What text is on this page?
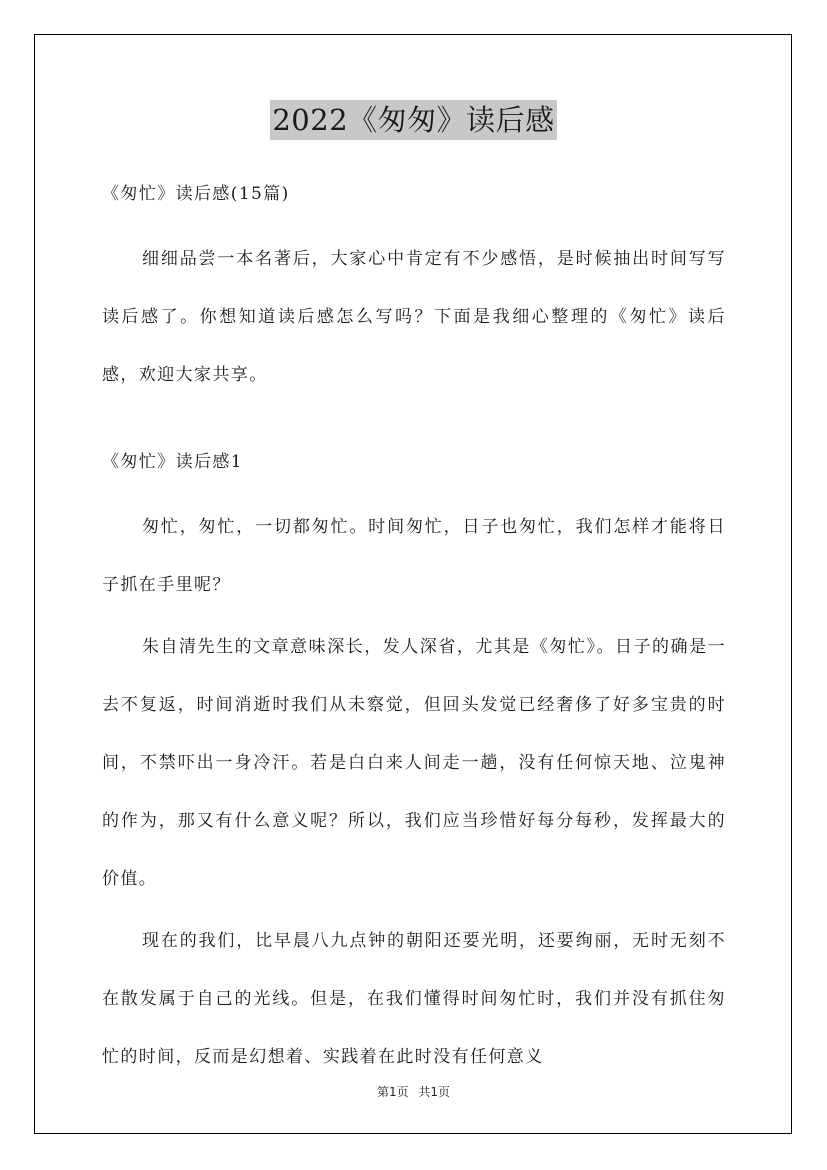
2022《匆匆》读后感

《匆忙》读后感(15篇)

细细品尝一本名著后，大家心中肯定有不少感悟，是时候抽出时间写写读后感了。你想知道读后感怎么写吗？下面是我细心整理的《匆忙》读后感，欢迎大家共享。

《匆忙》读后感1

匆忙，匆忙，一切都匆忙。时间匆忙，日子也匆忙，我们怎样才能将日子抓在手里呢？

朱自清先生的文章意味深长，发人深省，尤其是《匆忙》。日子的确是一去不复返，时间消逝时我们从未察觉，但回头发觉已经奢侈了好多宝贵的时间，不禁吓出一身冷汗。若是白白来人间走一趟，没有任何惊天地、泣鬼神的作为，那又有什么意义呢？所以，我们应当珍惜好每分每秒，发挥最大的价值。

现在的我们，比早晨八九点钟的朝阳还要光明，还要绚丽，无时无刻不在散发属于自己的光线。但是，在我们懂得时间匆忙时，我们并没有抓住匆忙的时间，反而是幻想着、实践着在此时没有任何意义

第1页 共1页
